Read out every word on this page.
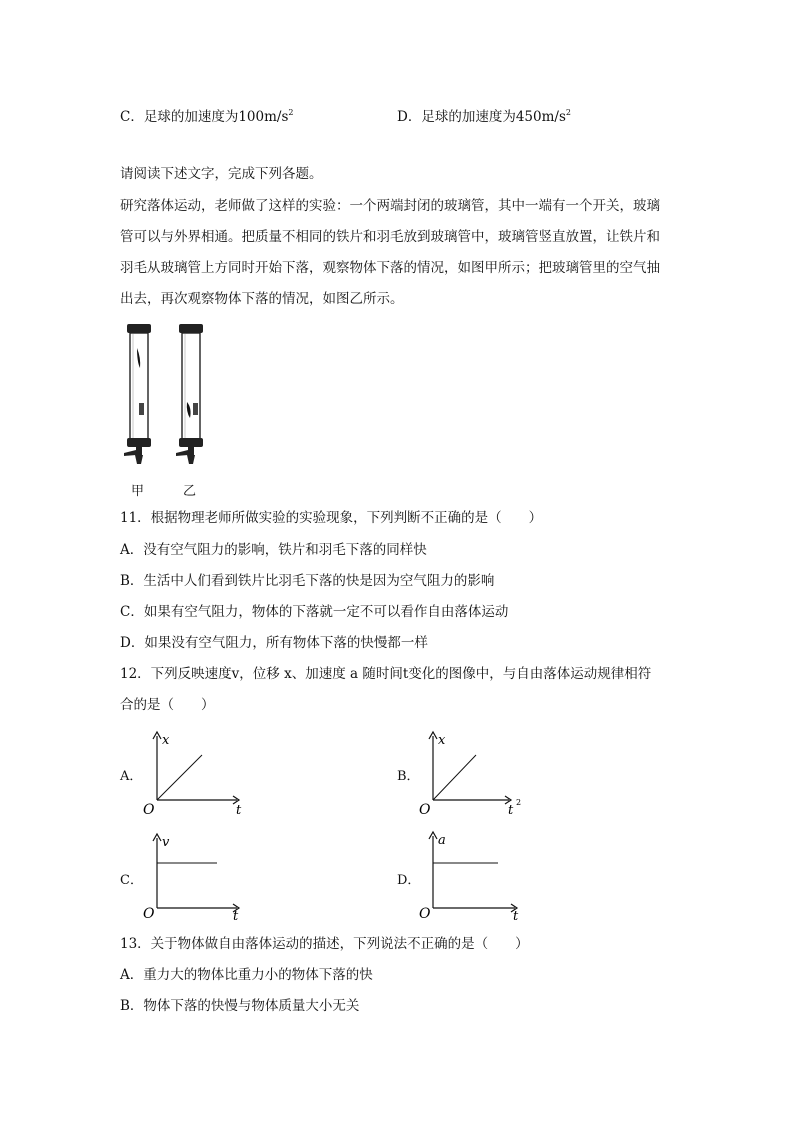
C．足球的加速度为$100m/s^2$	D．足球的加速度为$450m/s^2$
请阅读下述文字，完成下列各题。
研究落体运动，老师做了这样的实验：一个两端封闭的玻璃管，其中一端有一个开关，玻璃
管可以与外界相通。把质量不相同的铁片和羽毛放到玻璃管中，玻璃管竖直放置，让铁片和
羽毛从玻璃管上方同时开始下落，观察物体下落的情况，如图甲所示；把玻璃管里的空气抽
出去，再次观察物体下落的情况，如图乙所示。
甲	乙
11．根据物理老师所做实验的实验现象，下列判断不正确的是（　　）
A．没有空气阻力的影响，铁片和羽毛下落的同样快
B．生活中人们看到铁片比羽毛下落的快是因为空气阻力的影响
C．如果有空气阻力，物体的下落就一定不可以看作自由落体运动
D．如果没有空气阻力，所有物体下落的快慢都一样
12．下列反映速度v，位移 x、加速度 a 随时间t变化的图像中，与自由落体运动规律相符
合的是（　　）
A．
x
t
O
B．
x
t
2
O
C．
v
t
O
D．
a
t
O
13．关于物体做自由落体运动的描述，下列说法不正确的是（　　）
A．重力大的物体比重力小的物体下落的快
B．物体下落的快慢与物体质量大小无关
